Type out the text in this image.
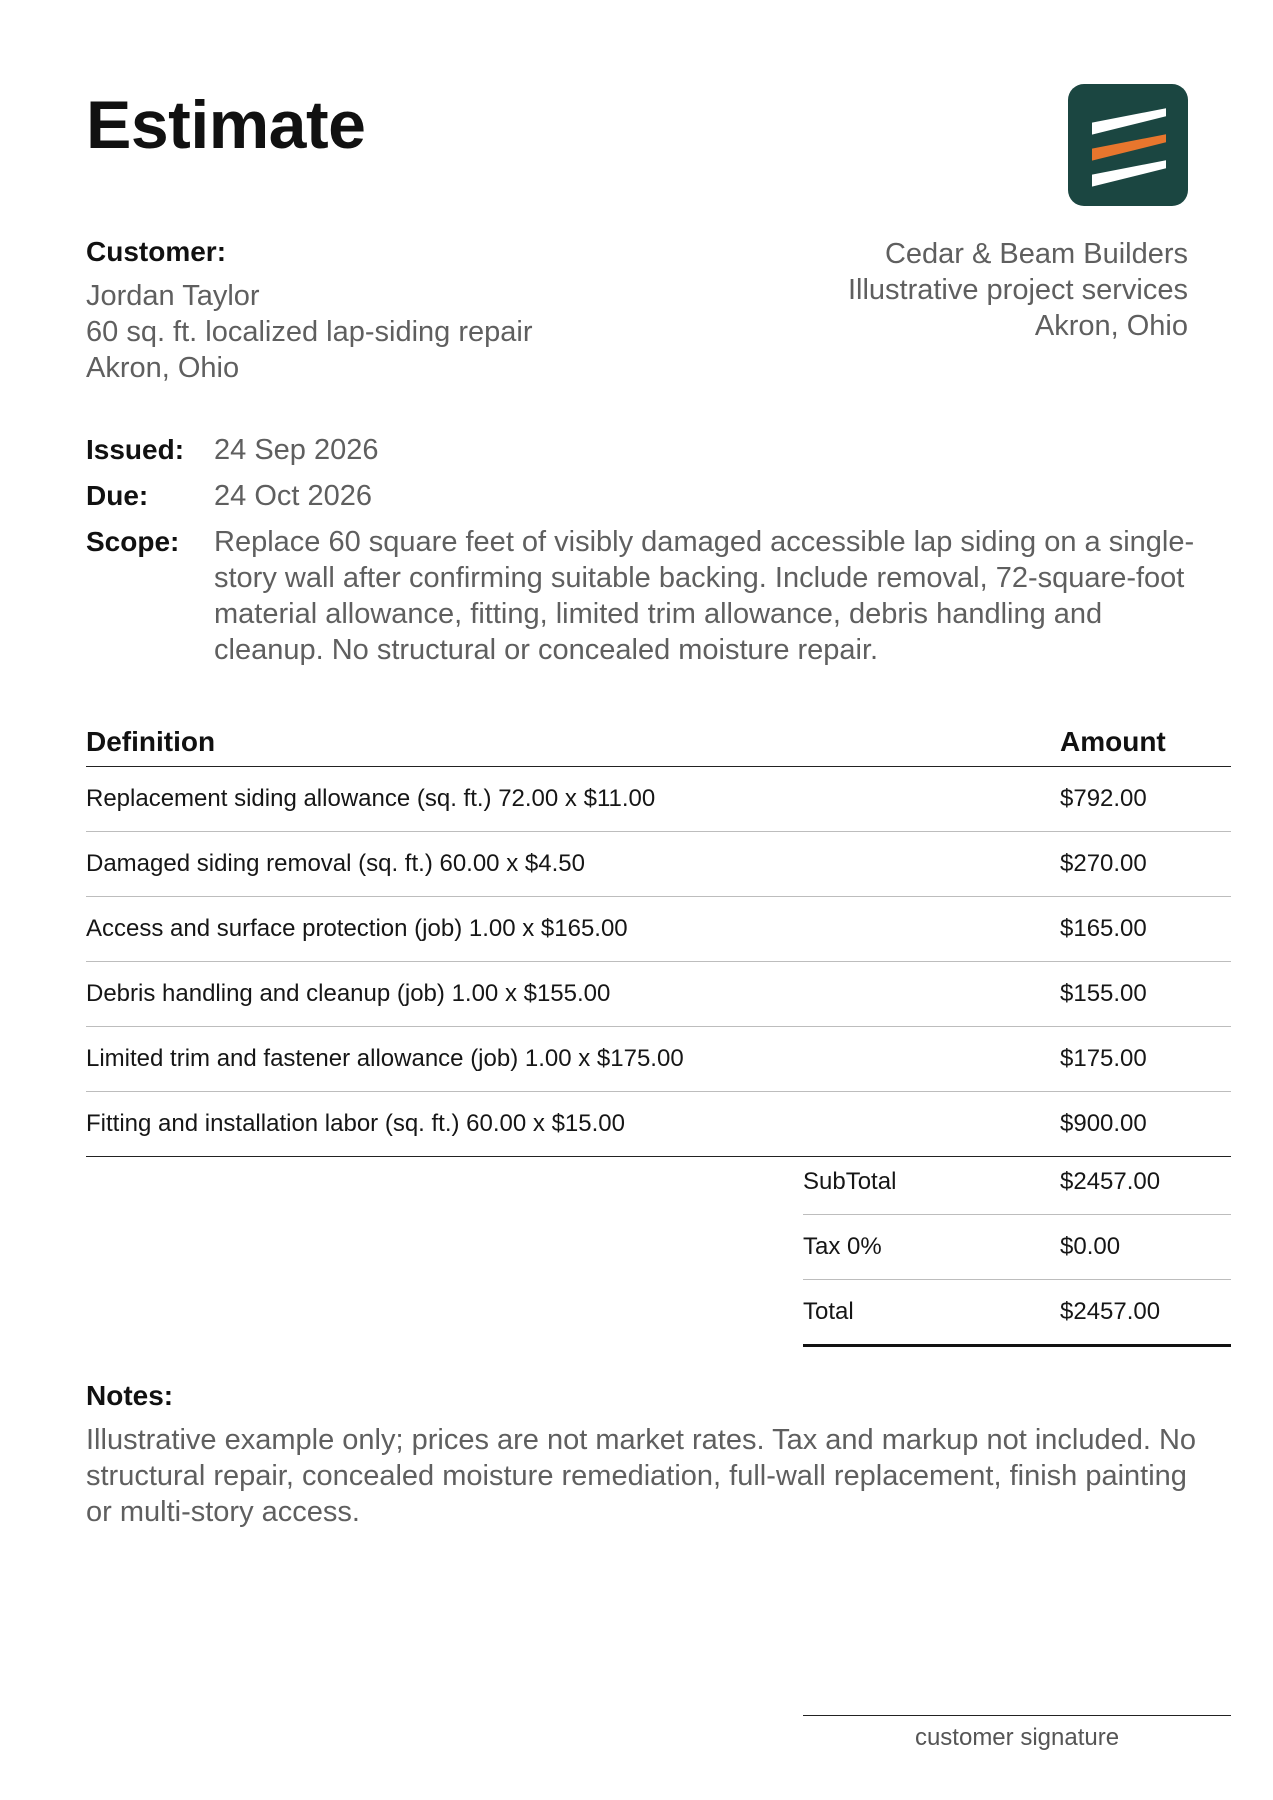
Estimate
Customer:
Jordan Taylor
60 sq. ft. localized lap-siding repair
Akron, Ohio
Cedar & Beam Builders
Illustrative project services
Akron, Ohio
Issued:	24 Sep 2026
Due:	24 Oct 2026
Scope:	Replace 60 square feet of visibly damaged accessible lap siding on a single-story wall after confirming suitable backing. Include removal, 72-square-foot material allowance, fitting, limited trim allowance, debris handling and cleanup. No structural or concealed moisture repair.
Definition	Amount
Replacement siding allowance (sq. ft.) 72.00 x $11.00	$792.00
Damaged siding removal (sq. ft.) 60.00 x $4.50	$270.00
Access and surface protection (job) 1.00 x $165.00	$165.00
Debris handling and cleanup (job) 1.00 x $155.00	$155.00
Limited trim and fastener allowance (job) 1.00 x $175.00	$175.00
Fitting and installation labor (sq. ft.) 60.00 x $15.00	$900.00
SubTotal	$2457.00
Tax 0%	$0.00
Total	$2457.00
Notes:
Illustrative example only; prices are not market rates. Tax and markup not included. No structural repair, concealed moisture remediation, full-wall replacement, finish painting or multi-story access.
customer signature
